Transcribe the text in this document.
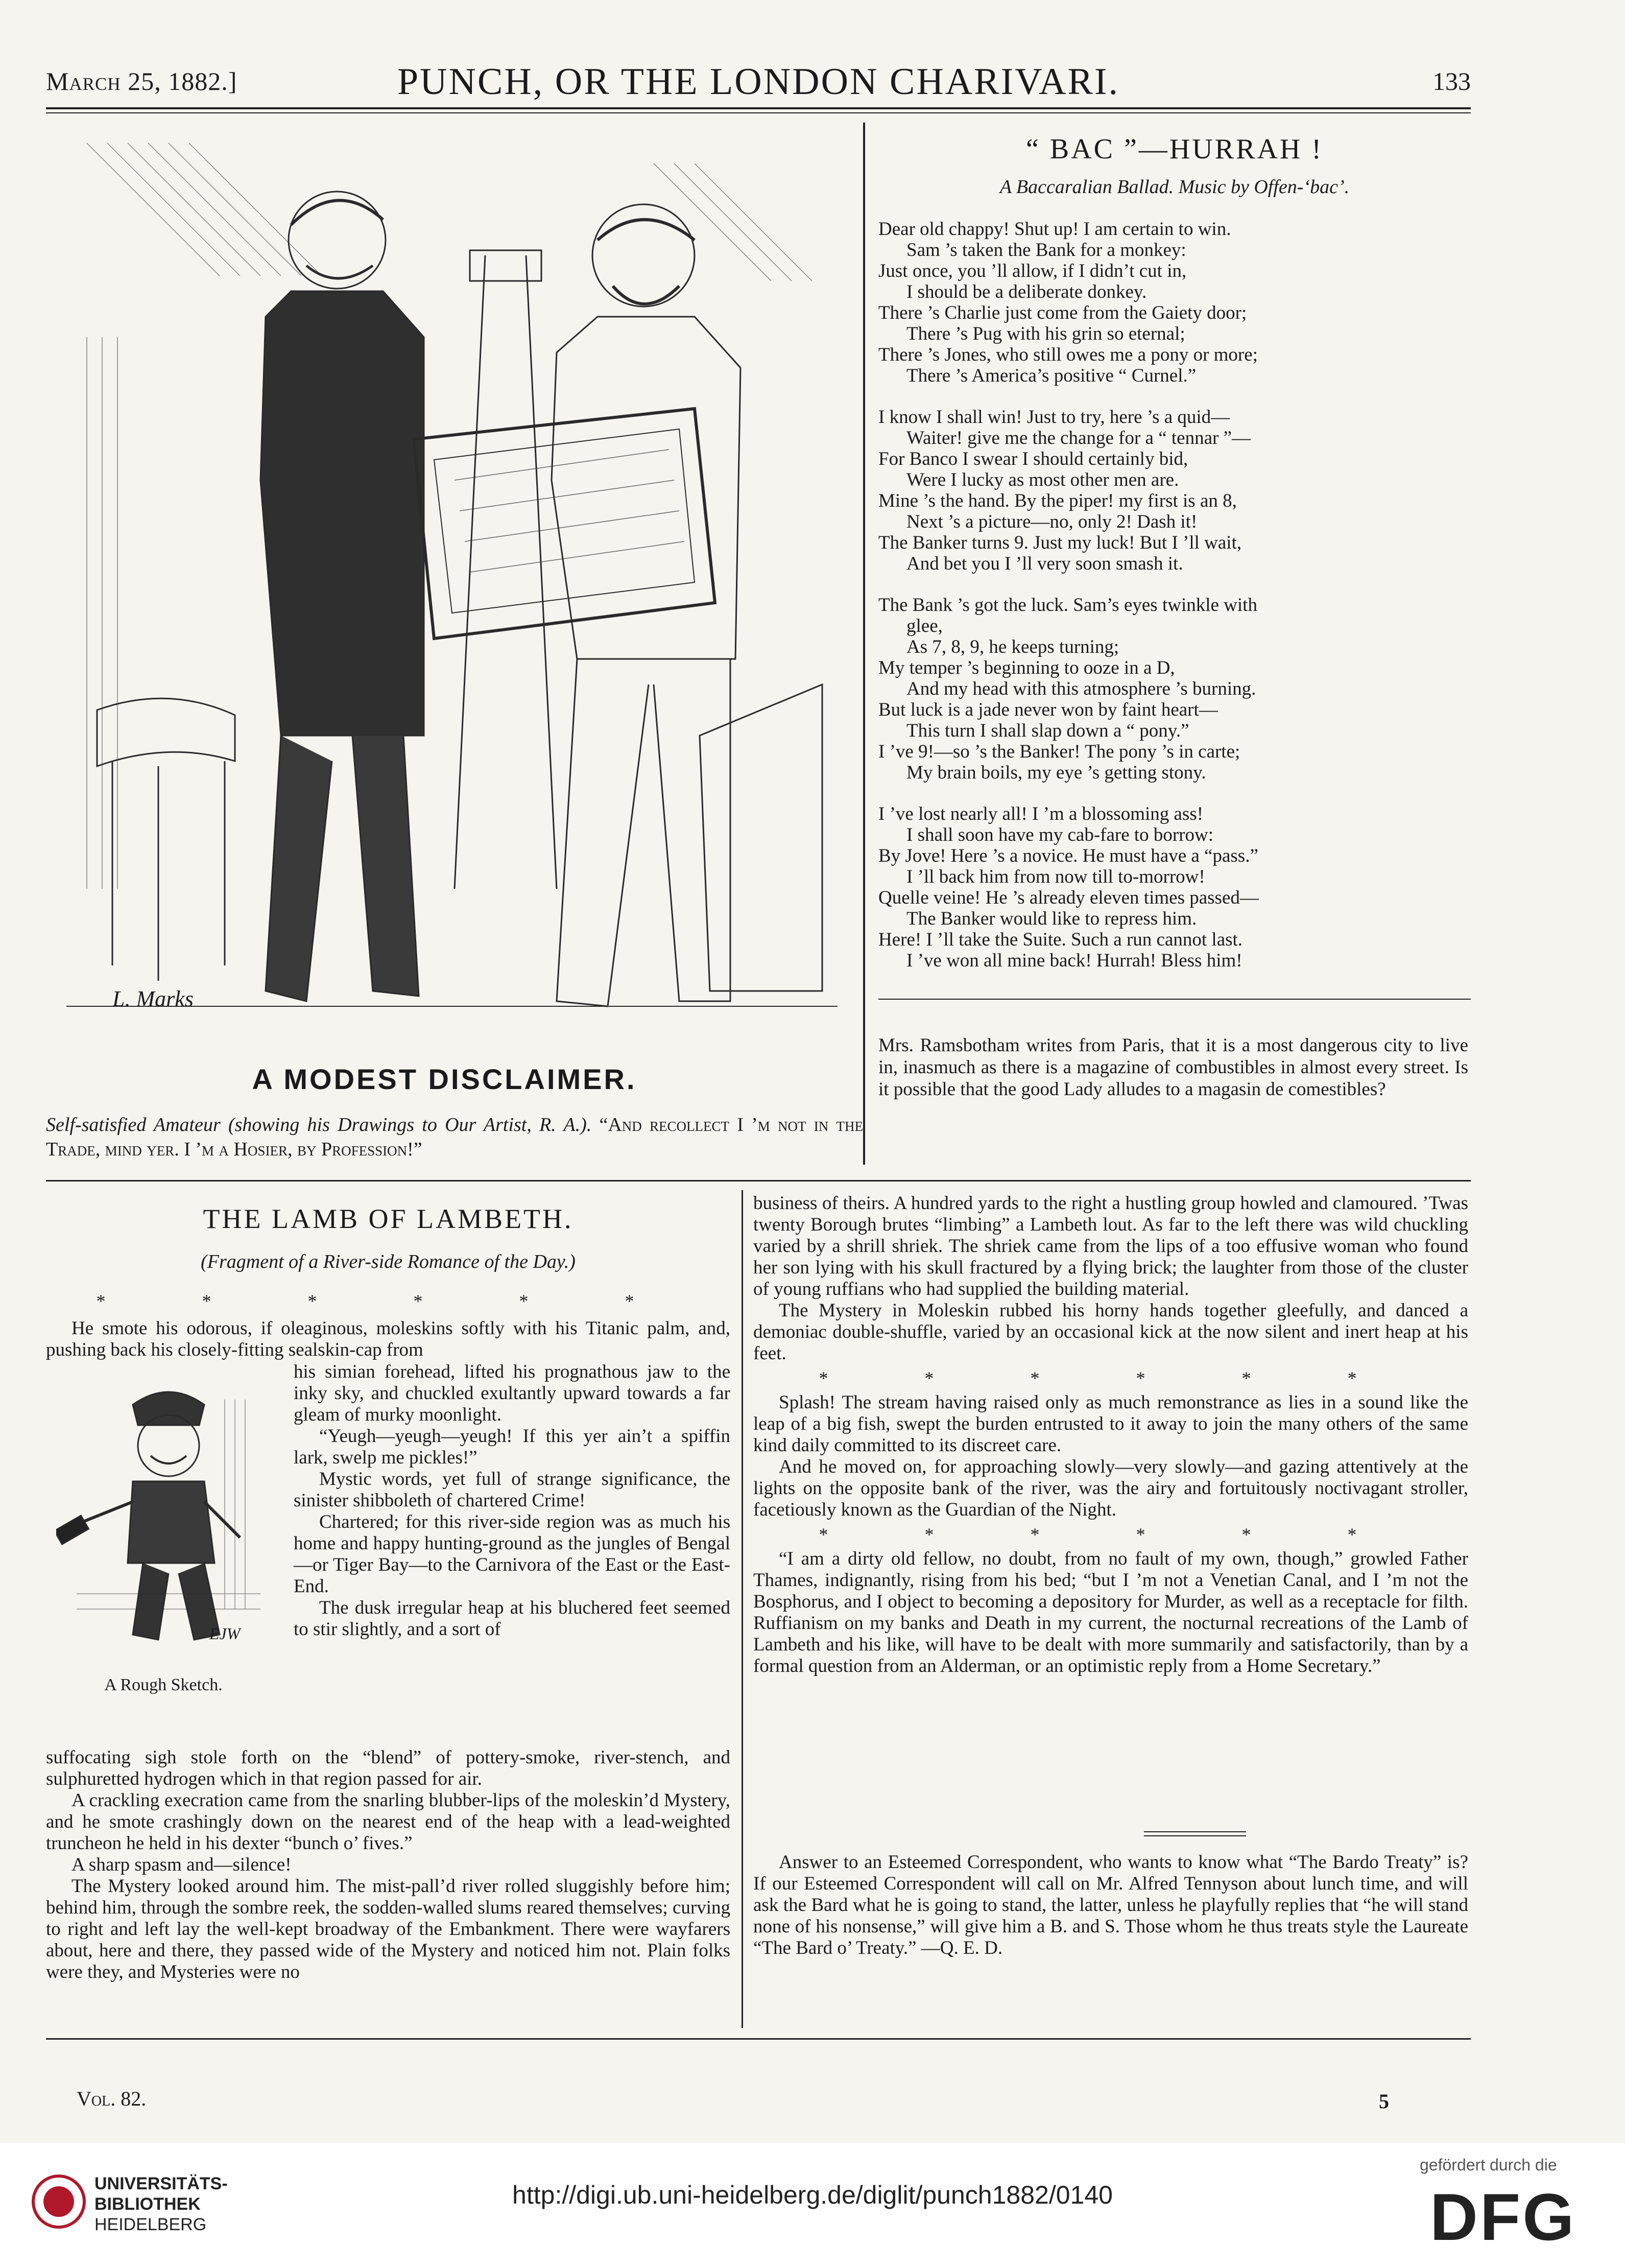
March 25, 1882.]	PUNCH, OR THE LONDON CHARIVARI.	133
L. Marks
A MODEST DISCLAIMER.
Self-satisfied Amateur (showing his Drawings to Our Artist, R. A.). “And recollect I ’m not in the Trade, mind yer. I ’m a Hosier, by Profession!”
“ BAC ”—HURRAH !
A Baccaralian Ballad. Music by Offen-‘bac’.
Dear old chappy! Shut up! I am certain to win.
Sam ’s taken the Bank for a monkey:
Just once, you ’ll allow, if I didn’t cut in,
I should be a deliberate donkey.
There ’s Charlie just come from the Gaiety door;
There ’s Pug with his grin so eternal;
There ’s Jones, who still owes me a pony or more;
There ’s America’s positive “ Curnel.”
I know I shall win! Just to try, here ’s a quid—
Waiter! give me the change for a “ tennar ”—
For Banco I swear I should certainly bid,
Were I lucky as most other men are.
Mine ’s the hand. By the piper! my first is an 8,
Next ’s a picture—no, only 2! Dash it!
The Banker turns 9. Just my luck! But I ’ll wait,
And bet you I ’ll very soon smash it.
The Bank ’s got the luck. Sam’s eyes twinkle with
glee,
As 7, 8, 9, he keeps turning;
My temper ’s beginning to ooze in a D,
And my head with this atmosphere ’s burning.
But luck is a jade never won by faint heart—
This turn I shall slap down a “ pony.”
I ’ve 9!—so ’s the Banker! The pony ’s in carte;
My brain boils, my eye ’s getting stony.
I ’ve lost nearly all! I ’m a blossoming ass!
I shall soon have my cab-fare to borrow:
By Jove! Here ’s a novice. He must have a “pass.”
I ’ll back him from now till to-morrow!
Quelle veine! He ’s already eleven times passed—
The Banker would like to repress him.
Here! I ’ll take the Suite. Such a run cannot last.
I ’ve won all mine back! Hurrah! Bless him!
Mrs. Ramsbotham writes from Paris, that it is a most dangerous city to live in, inasmuch as there is a magazine of combustibles in almost every street. Is it possible that the good Lady alludes to a magasin de comestibles?
THE LAMB OF LAMBETH.
(Fragment of a River-side Romance of the Day.)
* * * * * *

He smote his odorous, if oleaginous, moleskins softly with his Titanic palm, and, pushing back his closely-fitting sealskin-cap from

EJW
A Rough Sketch.

his simian forehead, lifted his prognathous jaw to the inky sky, and chuckled exultantly upward towards a far gleam of murky moonlight.

“Yeugh—yeugh—yeugh! If this yer ain’t a spiffin lark, swelp me pickles!”

Mystic words, yet full of strange significance, the sinister shibboleth of chartered Crime!

Chartered; for this river-side region was as much his home and happy hunting-ground as the jungles of Bengal—or Tiger Bay—to the Carnivora of the East or the East-End.

The dusk irregular heap at his bluchered feet seemed to stir slightly, and a sort of

suffocating sigh stole forth on the “blend” of pottery-smoke, river-stench, and sulphuretted hydrogen which in that region passed for air.

A crackling execration came from the snarling blubber-lips of the moleskin’d Mystery, and he smote crashingly down on the nearest end of the heap with a lead-weighted truncheon he held in his dexter “bunch o’ fives.”

A sharp spasm and—silence!

The Mystery looked around him. The mist-pall’d river rolled sluggishly before him; behind him, through the sombre reek, the sodden-walled slums reared themselves; curving to right and left lay the well-kept broadway of the Embankment. There were wayfarers about, here and there, they passed wide of the Mystery and noticed him not. Plain folks were they, and Mysteries were no

business of theirs. A hundred yards to the right a hustling group howled and clamoured. ’Twas twenty Borough brutes “limbing” a Lambeth lout. As far to the left there was wild chuckling varied by a shrill shriek. The shriek came from the lips of a too effusive woman who found her son lying with his skull fractured by a flying brick; the laughter from those of the cluster of young ruffians who had supplied the building material.

The Mystery in Moleskin rubbed his horny hands together gleefully, and danced a demoniac double-shuffle, varied by an occasional kick at the now silent and inert heap at his feet.

* * * * * *

Splash! The stream having raised only as much remonstrance as lies in a sound like the leap of a big fish, swept the burden entrusted to it away to join the many others of the same kind daily committed to its discreet care.

And he moved on, for approaching slowly—very slowly—and gazing attentively at the lights on the opposite bank of the river, was the airy and fortuitously noctivagant stroller, facetiously known as the Guardian of the Night.

* * * * * *

“I am a dirty old fellow, no doubt, from no fault of my own, though,” growled Father Thames, indignantly, rising from his bed; “but I ’m not a Venetian Canal, and I ’m not the Bosphorus, and I object to becoming a depository for Murder, as well as a receptacle for filth. Ruffianism on my banks and Death in my current, the nocturnal recreations of the Lamb of Lambeth and his like, will have to be dealt with more summarily and satisfactorily, than by a formal question from an Alderman, or an optimistic reply from a Home Secretary.”

Answer to an Esteemed Correspondent, who wants to know what “The Bardo Treaty” is? If our Esteemed Correspondent will call on Mr. Alfred Tennyson about lunch time, and will ask the Bard what he is going to stand, the latter, unless he playfully replies that “he will stand none of his nonsense,” will give him a B. and S. Those whom he thus treats style the Laureate “The Bard o’ Treaty.” —Q. E. D.

Vol. 82.	5
UNIVERSITÄTS-
BIBLIOTHEK
HEIDELBERG
http://digi.ub.uni-heidelberg.de/diglit/punch1882/0140
gefördert durch die
DFG
